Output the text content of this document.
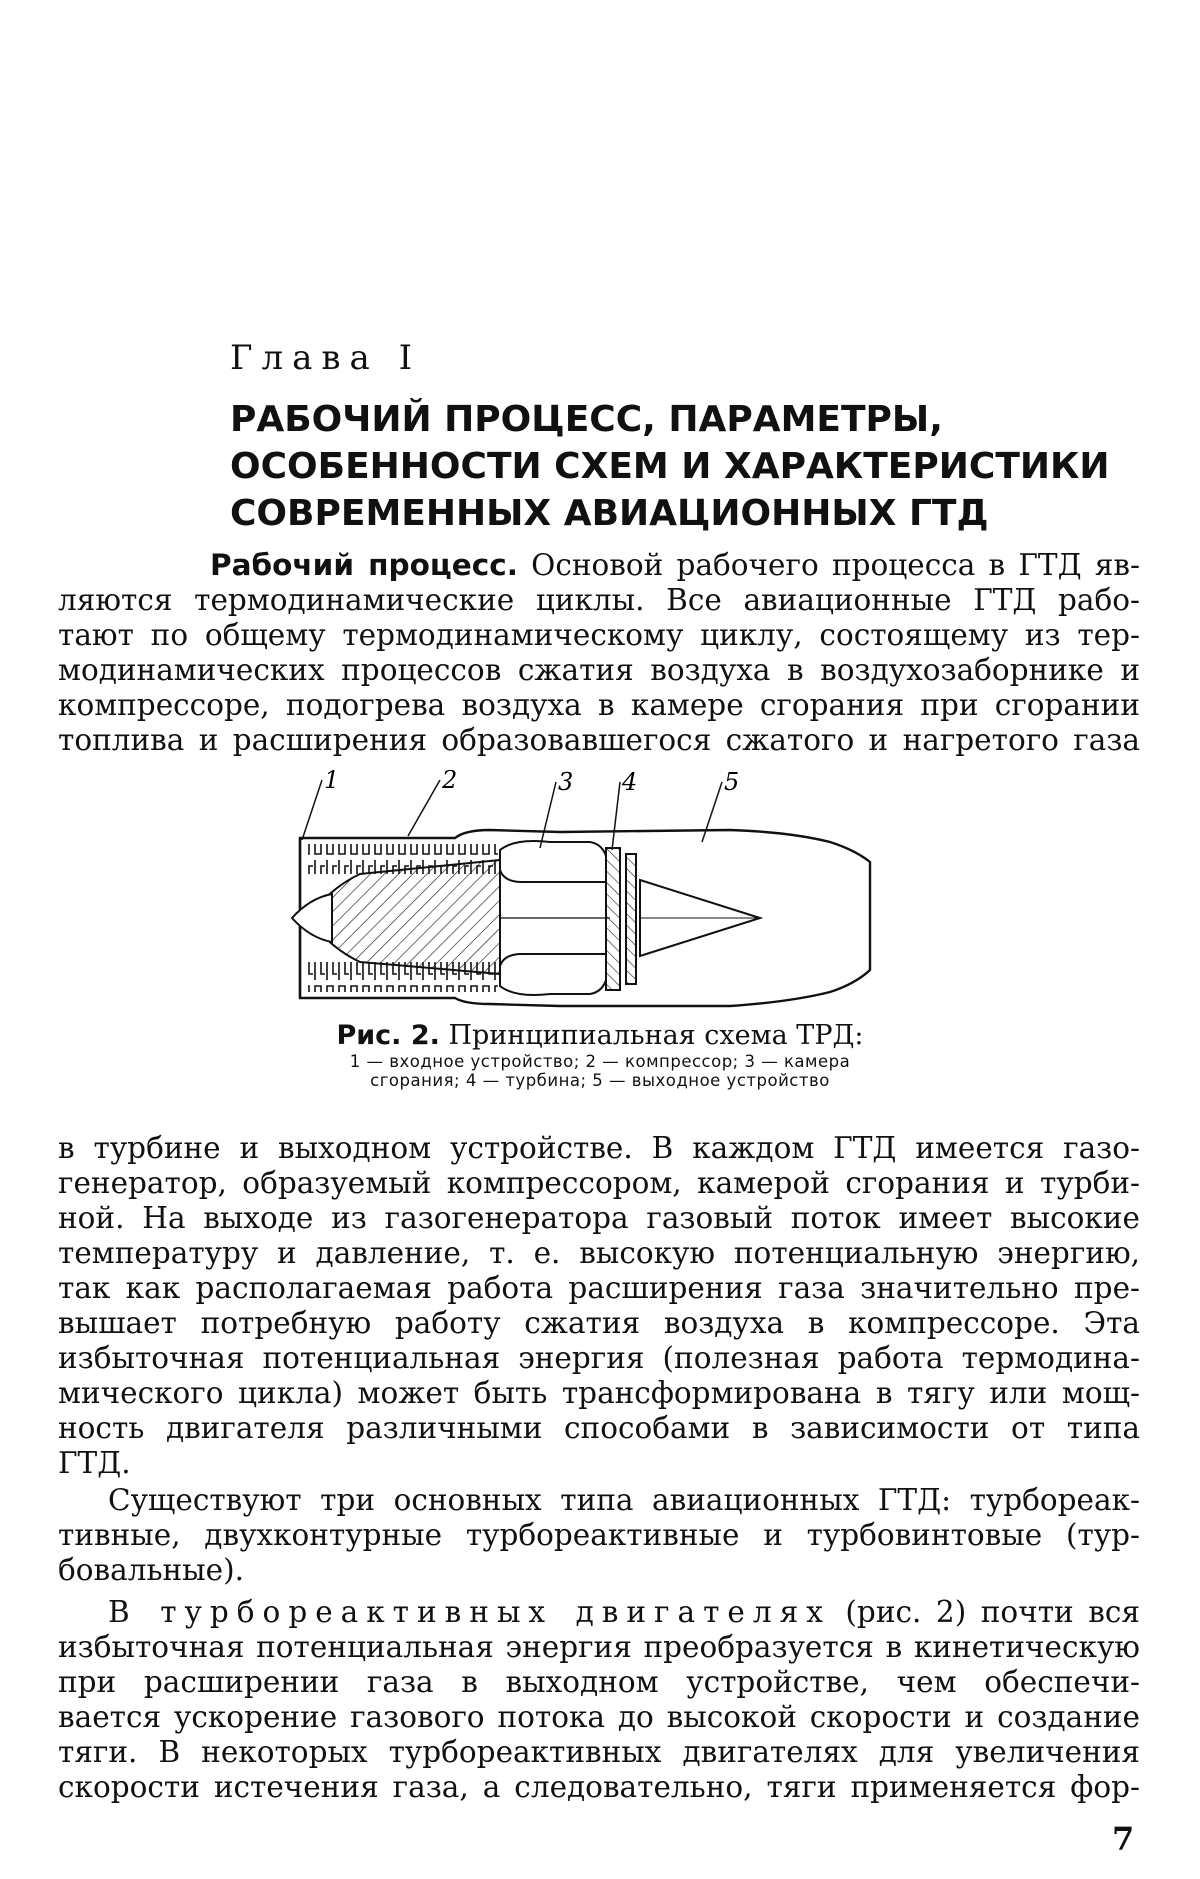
Глава I
РАБОЧИЙ ПРОЦЕСС, ПАРАМЕТРЫ,
ОСОБЕННОСТИ СХЕМ И ХАРАКТЕРИСТИКИ
СОВРЕМЕННЫХ АВИАЦИОННЫХ ГТД
Рабочий процесс. Основой рабочего процесса в ГТД яв-
ляются термодинамические циклы. Все авиационные ГТД рабо-
тают по общему термодинамическому циклу, состоящему из тер-
модинамических процессов сжатия воздуха в воздухозаборнике и
компрессоре, подогрева воздуха в камере сгорания при сгорании
топлива и расширения образовавшегося сжатого и нагретого газа
1	2	3 4	5
Рис. 2. Принципиальная схема ТРД:
1 — входное устройство; 2 — компрессор; 3 — камера
сгорания; 4 — турбина; 5 — выходное устройство
в турбине и выходном устройстве. В каждом ГТД имеется газо-
генератор, образуемый компрессором, камерой сгорания и турби-
ной. На выходе из газогенератора газовый поток имеет высокие
температуру и давление, т. е. высокую потенциальную энергию,
так как располагаемая работа расширения газа значительно пре-
вышает потребную работу сжатия воздуха в компрессоре. Эта
избыточная потенциальная энергия (полезная работа термодина-
мического цикла) может быть трансформирована в тягу или мощ-
ность двигателя различными способами в зависимости от типа
ГТД.
Существуют три основных типа авиационных ГТД: турбореак-
тивные, двухконтурные турбореактивные и турбовинтовые (тур-
бовальные).
В турбореактивных двигателях (рис. 2) почти вся
избыточная потенциальная энергия преобразуется в кинетическую
при расширении газа в выходном устройстве, чем обеспечи-
вается ускорение газового потока до высокой скорости и создание
тяги. В некоторых турбореактивных двигателях для увеличения
скорости истечения газа, а следовательно, тяги применяется фор-
7
